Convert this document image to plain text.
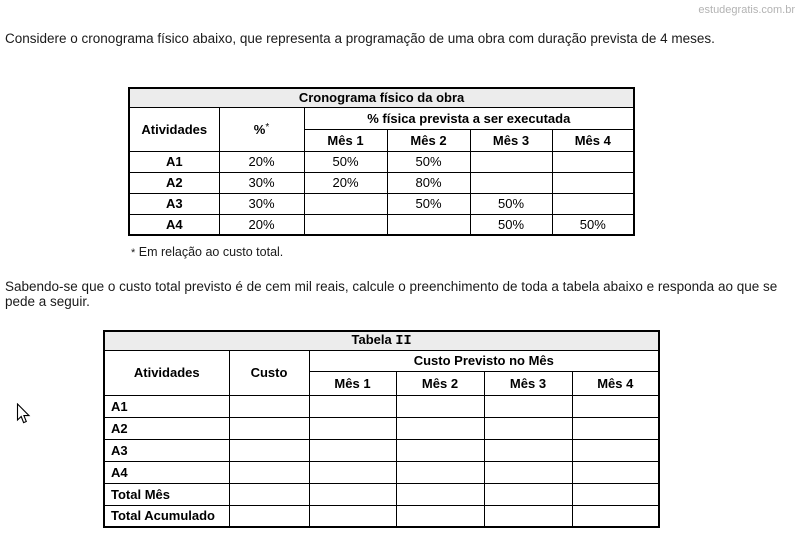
estudegratis.com.br
Considere o cronograma físico abaixo, que representa a programação de uma obra com duração prevista de 4 meses.
Cronograma físico da obra					
Atividades	%*	% física prevista a ser executada			
		Mês 1	Mês 2	Mês 3	Mês 4
A1	20%	50%	50%		
A2	30%	20%	80%		
A3	30%		50%	50%	
A4	20%			50%	50%
* Em relação ao custo total.
Sabendo-se que o custo total previsto é de cem mil reais, calcule o preenchimento de toda a tabela abaixo e responda ao que se pede a seguir.
Tabela II					
Atividades	Custo	Custo Previsto no Mês			
		Mês 1	Mês 2	Mês 3	Mês 4
A1					
A2					
A3					
A4					
Total Mês					
Total Acumulado					
